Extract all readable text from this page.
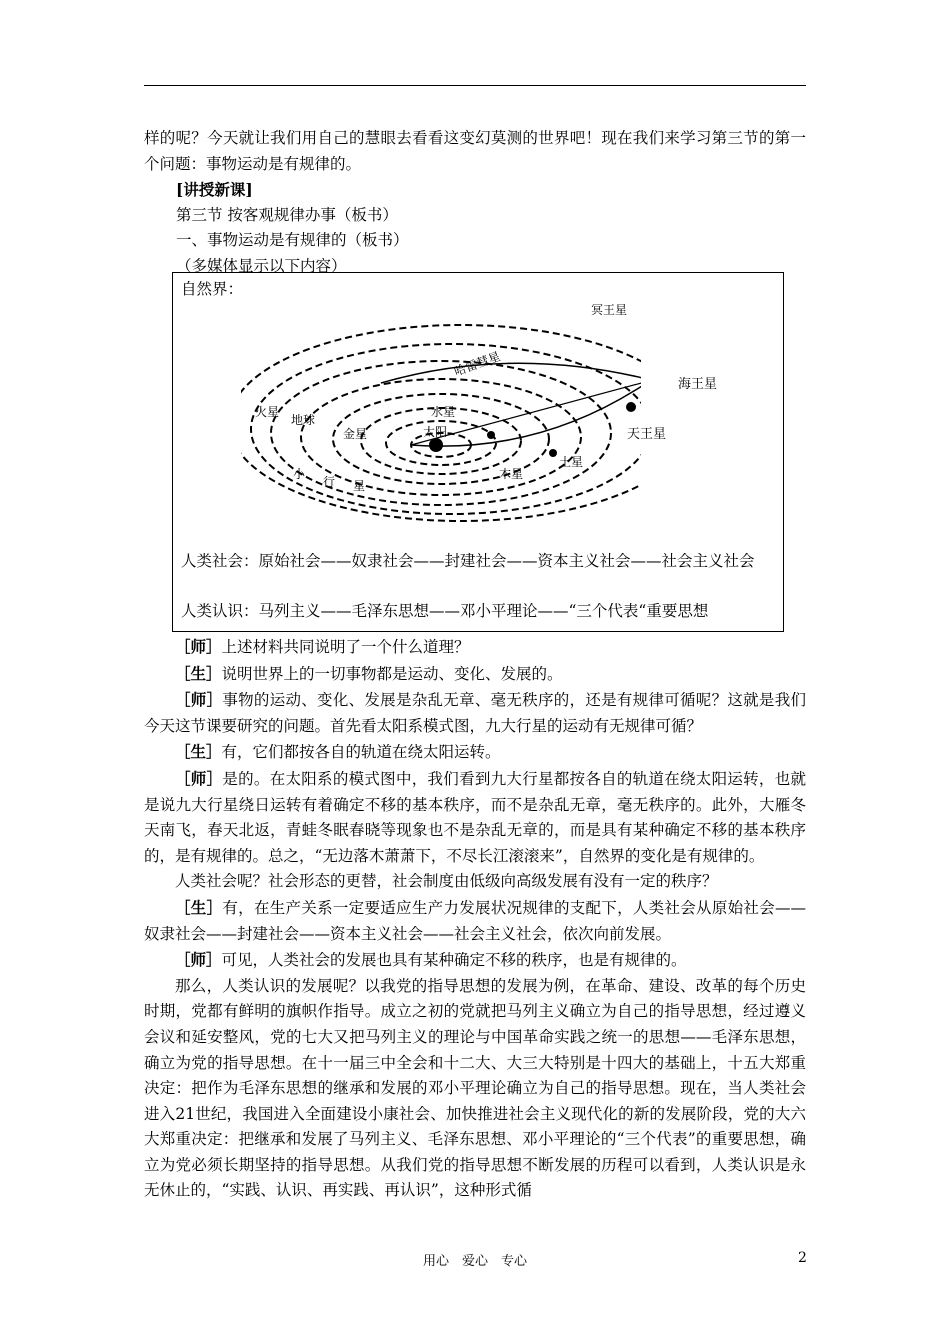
样的呢？今天就让我们用自己的慧眼去看看这变幻莫测的世界吧！现在我们来学习第三节的第一个问题：事物运动是有规律的。

[讲授新课]

第三节 按客观规律办事（板书）

一、事物运动是有规律的（板书）

（多媒体显示以下内容）

自然界：
冥王星
哈雷彗星
海王星
火星
地球
水星
金星	太阳	天王星
土星
木星
小
行 星
人类社会：原始社会——奴隶社会——封建社会——资本主义社会——社会主义社会
人类认识：马列主义——毛泽东思想——邓小平理论——“三个代表“重要思想

［师］上述材料共同说明了一个什么道理？

［生］说明世界上的一切事物都是运动、变化、发展的。

［师］事物的运动、变化、发展是杂乱无章、毫无秩序的，还是有规律可循呢？这就是我们今天这节课要研究的问题。首先看太阳系模式图，九大行星的运动有无规律可循？

［生］有，它们都按各自的轨道在绕太阳运转。

［师］是的。在太阳系的模式图中，我们看到九大行星都按各自的轨道在绕太阳运转，也就是说九大行星绕日运转有着确定不移的基本秩序，而不是杂乱无章，毫无秩序的。此外，大雁冬天南飞，春天北返，青蛙冬眠春晓等现象也不是杂乱无章的，而是具有某种确定不移的基本秩序的，是有规律的。总之，“无边落木萧萧下，不尽长江滚滚来”，自然界的变化是有规律的。

人类社会呢？社会形态的更替，社会制度由低级向高级发展有没有一定的秩序？

［生］有，在生产关系一定要适应生产力发展状况规律的支配下，人类社会从原始社会——奴隶社会——封建社会——资本主义社会——社会主义社会，依次向前发展。

［师］可见，人类社会的发展也具有某种确定不移的秩序，也是有规律的。

那么，人类认识的发展呢？以我党的指导思想的发展为例，在革命、建设、改革的每个历史时期，党都有鲜明的旗帜作指导。成立之初的党就把马列主义确立为自己的指导思想，经过遵义会议和延安整风，党的七大又把马列主义的理论与中国革命实践之统一的思想——毛泽东思想，确立为党的指导思想。在十一届三中全会和十二大、大三大特别是十四大的基础上，十五大郑重决定：把作为毛泽东思想的继承和发展的邓小平理论确立为自己的指导思想。现在，当人类社会进入21世纪，我国进入全面建设小康社会、加快推进社会主义现代化的新的发展阶段，党的大六大郑重决定：把继承和发展了马列主义、毛泽东思想、邓小平理论的“三个代表”的重要思想，确立为党必须长期坚持的指导思想。从我们党的指导思想不断发展的历程可以看到，人类认识是永无休止的，“实践、认识、再实践、再认识”，这种形式循

用心　爱心　专心	2
